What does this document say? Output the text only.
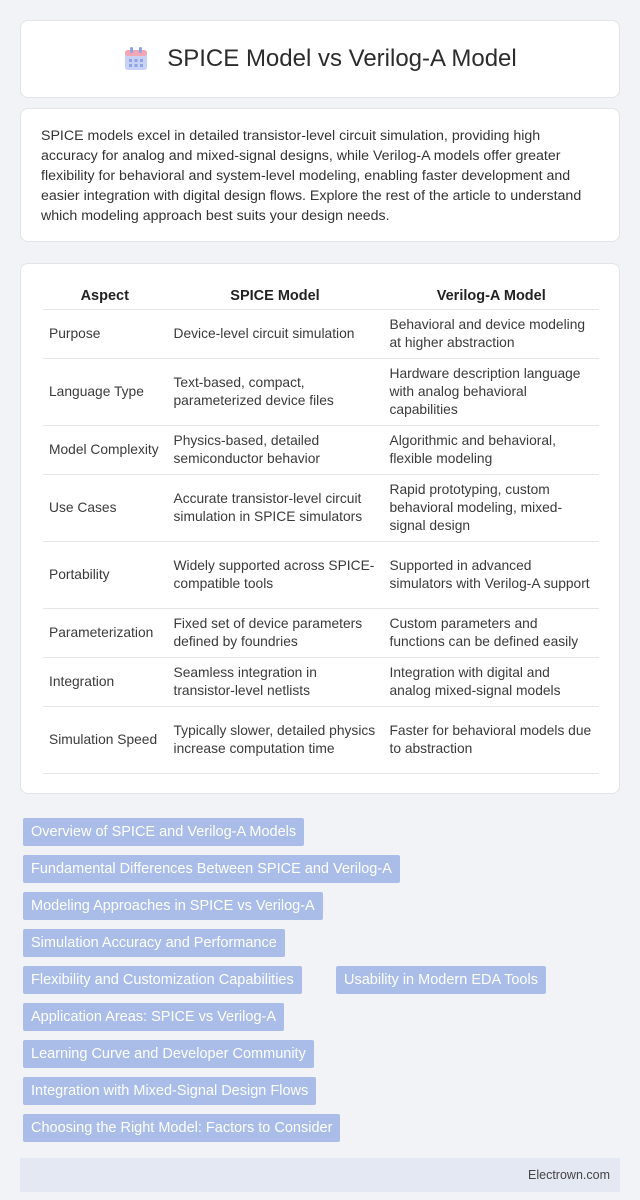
SPICE Model vs Verilog-A Model

SPICE models excel in detailed transistor-level circuit simulation, providing high accuracy for analog and mixed-signal designs, while Verilog-A models offer greater flexibility for behavioral and system-level modeling, enabling faster development and easier integration with digital design flows. Explore the rest of the article to understand which modeling approach best suits your design needs.

Aspect	SPICE Model	Verilog-A Model
Purpose	Device-level circuit simulation	Behavioral and device modeling at higher abstraction
Language Type	Text-based, compact, parameterized device files	Hardware description language with analog behavioral capabilities
Model Complexity	Physics-based, detailed semiconductor behavior	Algorithmic and behavioral, flexible modeling
Use Cases	Accurate transistor-level circuit simulation in SPICE simulators	Rapid prototyping, custom behavioral modeling, mixed-signal design
Portability	Widely supported across SPICE-compatible tools	Supported in advanced simulators with Verilog-A support
Parameterization	Fixed set of device parameters defined by foundries	Custom parameters and functions can be defined easily
Integration	Seamless integration in transistor-level netlists	Integration with digital and analog mixed-signal models
Simulation Speed	Typically slower, detailed physics increase computation time	Faster for behavioral models due to abstraction
Overview of SPICE and Verilog-A Models
Fundamental Differences Between SPICE and Verilog-A
Modeling Approaches in SPICE vs Verilog-A
Simulation Accuracy and Performance
Flexibility and Customization Capabilities	Usability in Modern EDA Tools
Application Areas: SPICE vs Verilog-A
Learning Curve and Developer Community
Integration with Mixed-Signal Design Flows
Choosing the Right Model: Factors to Consider
Electrown.com
